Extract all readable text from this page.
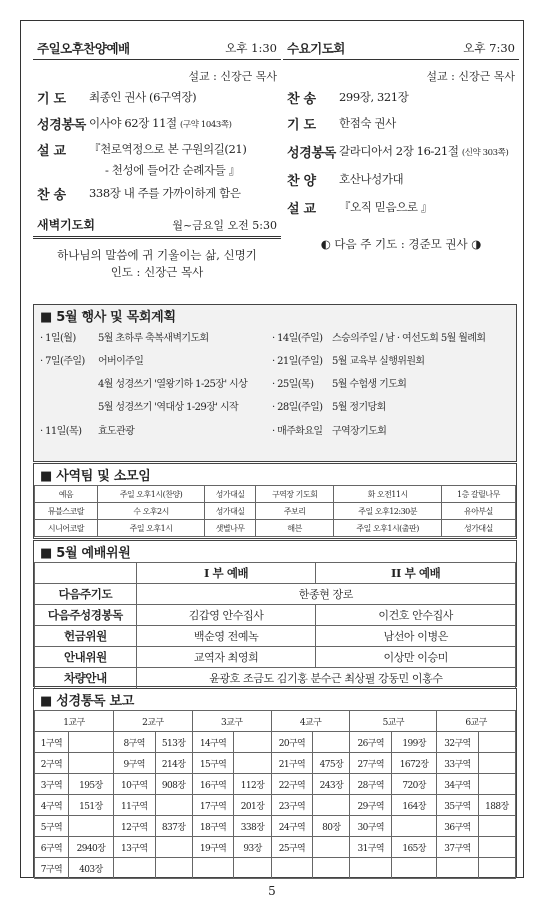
주일오후찬양예배	오후 1:30
설교 : 신장근 목사
기 도 최종인 권사 (6구역장)
성경봉독 이사야 62장 11절 (구약 1043쪽)
설 교 『천로역정으로 본 구원의길(21)
- 천성에 들어간 순례자들 』
찬 송 338장 내 주를 가까이하게 함은
새벽기도회	월~금요일 오전 5:30
하나님의 말씀에 귀 기울이는 삶, 신명기
인도 : 신장근 목사
수요기도회	오후 7:30
설교 : 신장근 목사
찬 송 299장, 321장
기 도 한점숙 권사
성경봉독 갈라디아서 2장 16-21절 (신약 303쪽)
찬 양 호산나성가대
설 교 『오직 믿음으로 』
◐ 다음 주 기도 : 경준모 권사 ◑
■ 5월 행사 및 목회계획
· 1일(월) 5월 초하루 축복새벽기도회
· 7일(주일) 어버이주일
4월 성경쓰기 '열왕기하 1-25장' 시상
5월 성경쓰기 '역대상 1-29장' 시작
· 11일(목) 효도관광
· 14일(주일) 스승의주일 / 남 · 여선도회 5월 월례회
· 21일(주일) 5월 교육부 실행위원회
· 25일(목) 5월 수험생 기도회
· 28일(주일) 5월 정기당회
· 매주화요일 구역장기도회
■ 사역팀 및 소모임
예음	주일 오후1시(찬양)	성가대실	구역장 기도회	화 오전11시	1층 갈릴나무
뮤블스코랄	수 오후2시	성가대실	주보리	주일 오후12:30분	유아부실
시니어코랄	주일 오후1시	샛별나무	해븐	주일 오후1시(출판)	성가대실
■ 5월 예배위원
	I 부 예배	II 부 예배
다음주기도	한종현 장로	
다음주성경봉독	김갑영 안수집사	이건호 안수집사
헌금위원	백순영 전예녹	남선아 이병은
안내위원	교역자 최영희	이상만 이승미
차량안내	윤광호 조금도 김기홍 분수근 최상필 강동민 이홍수	
■ 성경통독 보고
1교구		2교구		3교구		4교구		5교구		6교구	
1구역		8구역	513장	14구역		20구역		26구역	199장	32구역	
2구역		9구역	214장	15구역		21구역	475장	27구역	1672장	33구역	
3구역	195장	10구역	908장	16구역	112장	22구역	243장	28구역	720장	34구역	
4구역	151장	11구역		17구역	201장	23구역		29구역	164장	35구역	188장
5구역		12구역	837장	18구역	338장	24구역	80장	30구역		36구역	
6구역	2940장	13구역		19구역	93장	25구역		31구역	165장	37구역	
7구역	403장										
5
